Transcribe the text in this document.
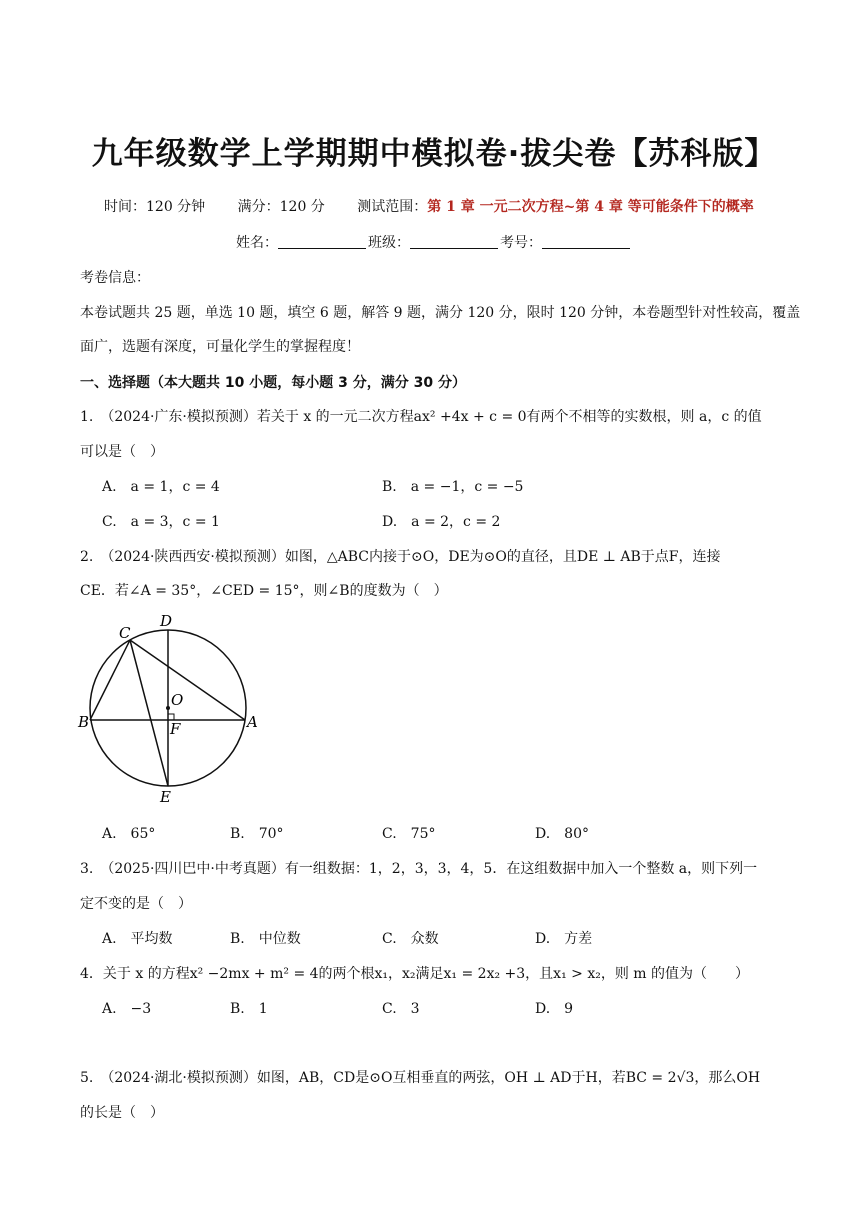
九年级数学上学期期中模拟卷·拔尖卷【苏科版】
时间：120 分钟 满分：120 分 测试范围：第 1 章 一元二次方程~第 4 章 等可能条件下的概率
姓名：	班级：	考号：
考卷信息：
本卷试题共 25 题，单选 10 题，填空 6 题，解答 9 题，满分 120 分，限时 120 分钟，本卷题型针对性较高，覆盖
面广，选题有深度，可量化学生的掌握程度！
一、选择题（本大题共 10 小题，每小题 3 分，满分 30 分）
1.　（2024·广东·模拟预测）若关于 x 的一元二次方程ax² +4x + c = 0有两个不相等的实数根，则 a，c 的值
可以是（　）
A.　a = 1，c = 4	B.　a = −1，c = −5
C.　a = 3，c = 1	D.　a = 2，c = 2
2.　（2024·陕西西安·模拟预测）如图，△ABC内接于⊙O，DE为⊙O的直径，且DE ⊥ AB于点F，连接
CE．若∠A = 35°，∠CED = 15°，则∠B的度数为（　）
C
D
O
B	F	A
E
A.　65°	B.　70°	C.　75°	D.　80°
3.　（2025·四川巴中·中考真题）有一组数据：1，2，3，3，4，5．在这组数据中加入一个整数 a，则下列一
定不变的是（　）
A.　平均数	B.　中位数	C.　众数	D.　方差
4．关于 x 的方程x² −2mx + m² = 4的两个根x₁，x₂满足x₁ = 2x₂ +3，且x₁ > x₂，则 m 的值为（　　）
A.　−3	B.　1	C.　3	D.　9
5.　（2024·湖北·模拟预测）如图，AB，CD是⊙O互相垂直的两弦，OH ⊥ AD于H，若BC = 2√3，那么OH
的长是（　）
